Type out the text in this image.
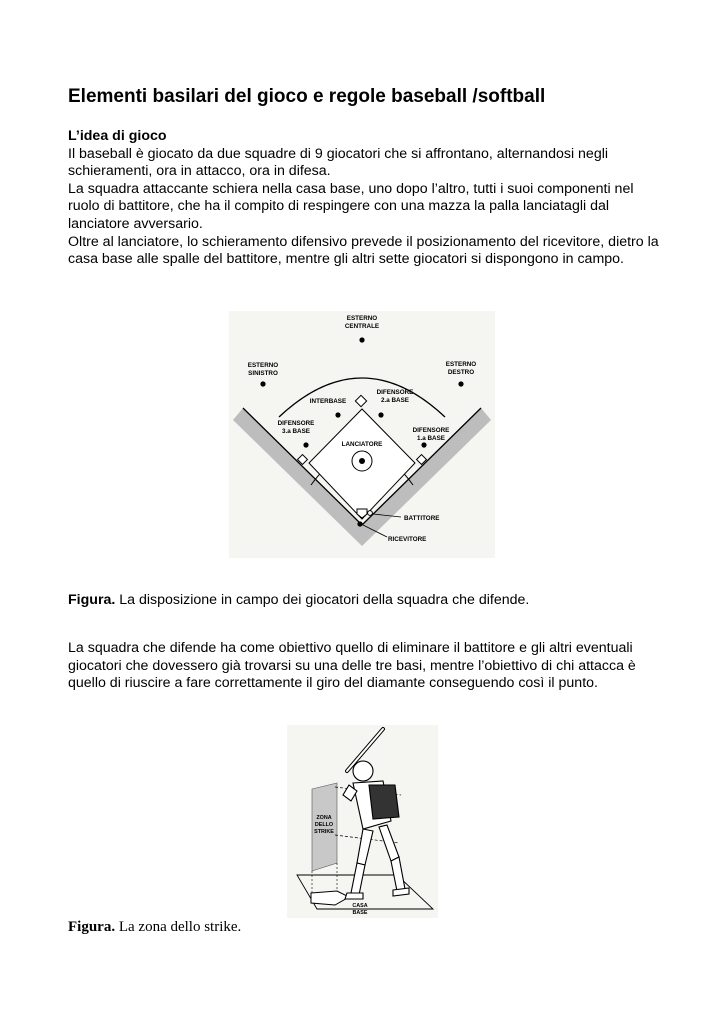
Elementi basilari del gioco e regole baseball /softball

L’idea di gioco

Il baseball è giocato da due squadre di 9 giocatori che si affrontano, alternandosi negli schieramenti, ora in attacco, ora in difesa.

La squadra attaccante schiera nella casa base, uno dopo l’altro, tutti i suoi componenti nel ruolo di battitore, che ha il compito di respingere con una mazza la palla lanciatagli dal lanciatore avversario.

Oltre al lanciatore, lo schieramento difensivo prevede il posizionamento del ricevitore, dietro la casa base alle spalle del battitore, mentre gli altri sette giocatori si dispongono in campo.

ESTERNO
CENTRALE
ESTERNO
SINISTRO
ESTERNO
DESTRO
INTERBASE
DIFENSORE
2.a BASE
DIFENSORE
3.a BASE	DIFENSORE
1.a BASE
LANCIATORE
BATTITORE
RICEVITORE

Figura. La disposizione in campo dei giocatori della squadra che difende.

La squadra che difende ha come obiettivo quello di eliminare il battitore e gli altri eventuali giocatori che dovessero già trovarsi su una delle tre basi, mentre l’obiettivo di chi attacca è quello di riuscire a fare correttamente il giro del diamante conseguendo così il punto.

ZONA
DELLO
STRIKE
CASA
BASE

Figura. La zona dello strike.
